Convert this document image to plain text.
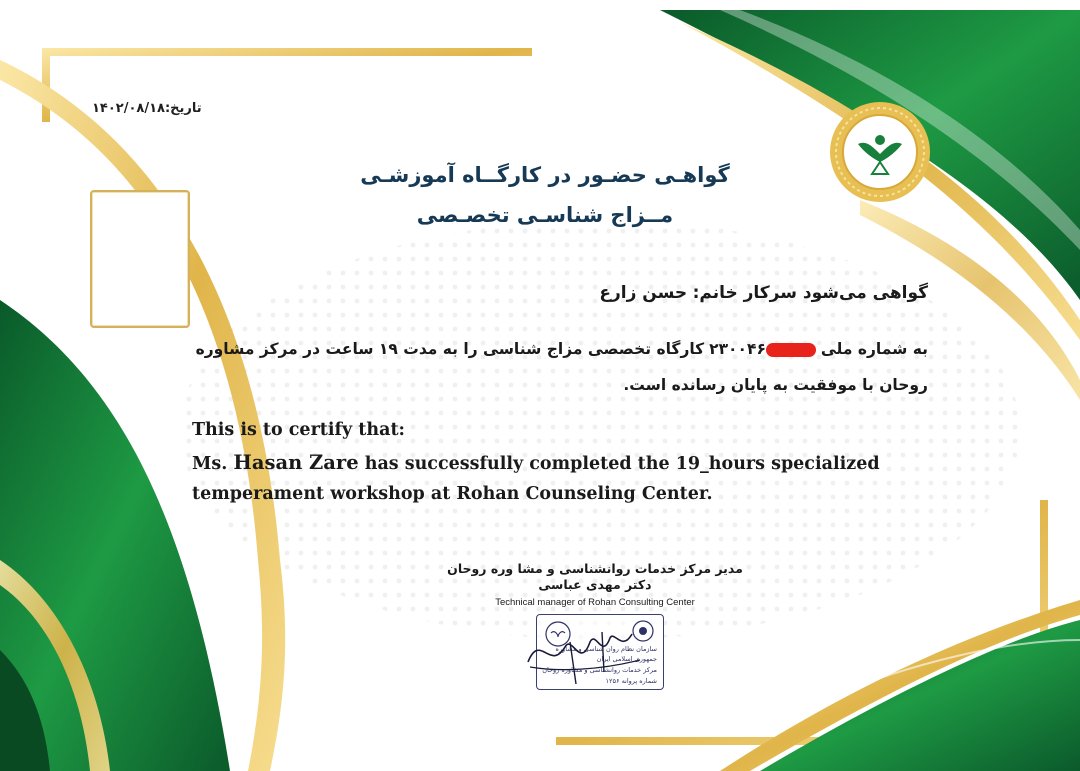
تاریخ:۱۴۰۲/۰۸/۱۸
گواهـی حضـور در کارگــاه آموزشـی
مــزاج شناسـی تخصـصی
گواهی می‌شود سرکار خانم: حسن زارع
به شماره ملی ۲۳۰۰۴۶ کارگاه تخصصی مزاج شناسی را به مدت ۱۹ ساعت در مرکز مشاوره
روحان با موفقیت به پایان رسانده است.
This is to certify that:
Ms. Hasan Zare has successfully completed the 19_hours specialized
temperament workshop at Rohan Counseling Center.
مدیر مرکز خدمات روانشناسی و مشا وره روحان
دکتر مهدی عباسی
Technical manager of Rohan Consulting Center
سازمان نظام روان شناسی و مشاوره
جمهوری اسلامی ایران
مرکز خدمات روانشناسی و مشاوره روحان
شماره پروانه ۱۲۵۶
